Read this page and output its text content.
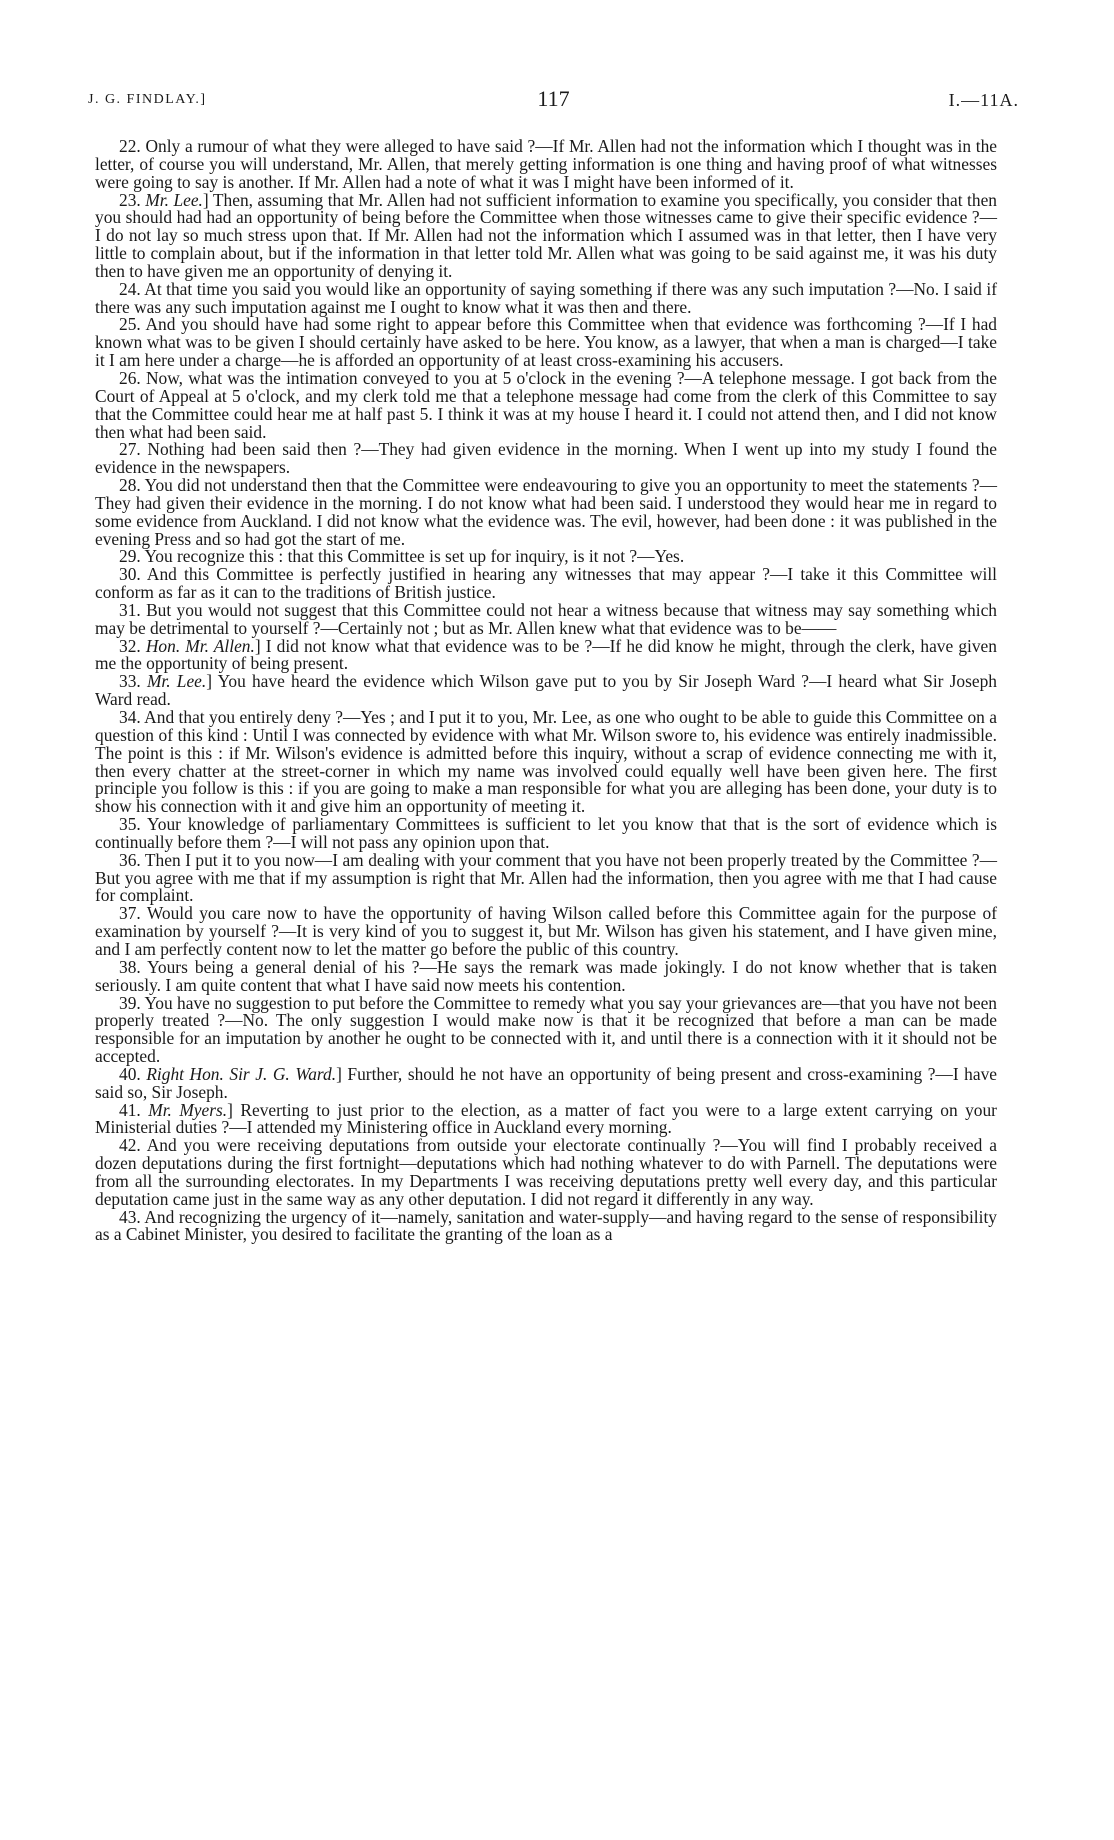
J. G. FINDLAY.]	117	I.—11A.

22. Only a rumour of what they were alleged to have said ?—If Mr. Allen had not the information which I thought was in the letter, of course you will understand, Mr. Allen, that merely getting information is one thing and having proof of what witnesses were going to say is another. If Mr. Allen had a note of what it was I might have been informed of it.

23. Mr. Lee.] Then, assuming that Mr. Allen had not sufficient information to examine you specifically, you consider that then you should had had an opportunity of being before the Committee when those witnesses came to give their specific evidence ?—I do not lay so much stress upon that. If Mr. Allen had not the information which I assumed was in that letter, then I have very little to complain about, but if the information in that letter told Mr. Allen what was going to be said against me, it was his duty then to have given me an opportunity of denying it.

24. At that time you said you would like an opportunity of saying something if there was any such imputation ?—No. I said if there was any such imputation against me I ought to know what it was then and there.

25. And you should have had some right to appear before this Committee when that evidence was forthcoming ?—If I had known what was to be given I should certainly have asked to be here. You know, as a lawyer, that when a man is charged—I take it I am here under a charge—he is afforded an opportunity of at least cross-examining his accusers.

26. Now, what was the intimation conveyed to you at 5 o'clock in the evening ?—A telephone message. I got back from the Court of Appeal at 5 o'clock, and my clerk told me that a telephone message had come from the clerk of this Committee to say that the Committee could hear me at half past 5. I think it was at my house I heard it. I could not attend then, and I did not know then what had been said.

27. Nothing had been said then ?—They had given evidence in the morning. When I went up into my study I found the evidence in the newspapers.

28. You did not understand then that the Committee were endeavouring to give you an opportunity to meet the statements ?—They had given their evidence in the morning. I do not know what had been said. I understood they would hear me in regard to some evidence from Auckland. I did not know what the evidence was. The evil, however, had been done : it was published in the evening Press and so had got the start of me.

29. You recognize this : that this Committee is set up for inquiry, is it not ?—Yes.

30. And this Committee is perfectly justified in hearing any witnesses that may appear ?—I take it this Committee will conform as far as it can to the traditions of British justice.

31. But you would not suggest that this Committee could not hear a witness because that witness may say something which may be detrimental to yourself ?—Certainly not ; but as Mr. Allen knew what that evidence was to be——

32. Hon. Mr. Allen.] I did not know what that evidence was to be ?—If he did know he might, through the clerk, have given me the opportunity of being present.

33. Mr. Lee.] You have heard the evidence which Wilson gave put to you by Sir Joseph Ward ?—I heard what Sir Joseph Ward read.

34. And that you entirely deny ?—Yes ; and I put it to you, Mr. Lee, as one who ought to be able to guide this Committee on a question of this kind : Until I was connected by evidence with what Mr. Wilson swore to, his evidence was entirely inadmissible. The point is this : if Mr. Wilson's evidence is admitted before this inquiry, without a scrap of evidence connecting me with it, then every chatter at the street-corner in which my name was involved could equally well have been given here. The first principle you follow is this : if you are going to make a man responsible for what you are alleging has been done, your duty is to show his connection with it and give him an opportunity of meeting it.

35. Your knowledge of parliamentary Committees is sufficient to let you know that that is the sort of evidence which is continually before them ?—I will not pass any opinion upon that.

36. Then I put it to you now—I am dealing with your comment that you have not been properly treated by the Committee ?—But you agree with me that if my assumption is right that Mr. Allen had the information, then you agree with me that I had cause for complaint.

37. Would you care now to have the opportunity of having Wilson called before this Committee again for the purpose of examination by yourself ?—It is very kind of you to suggest it, but Mr. Wilson has given his statement, and I have given mine, and I am perfectly content now to let the matter go before the public of this country.

38. Yours being a general denial of his ?—He says the remark was made jokingly. I do not know whether that is taken seriously. I am quite content that what I have said now meets his contention.

39. You have no suggestion to put before the Committee to remedy what you say your grievances are—that you have not been properly treated ?—No. The only suggestion I would make now is that it be recognized that before a man can be made responsible for an imputation by another he ought to be connected with it, and until there is a connection with it it should not be accepted.

40. Right Hon. Sir J. G. Ward.] Further, should he not have an opportunity of being present and cross-examining ?—I have said so, Sir Joseph.

41. Mr. Myers.] Reverting to just prior to the election, as a matter of fact you were to a large extent carrying on your Ministerial duties ?—I attended my Ministering office in Auckland every morning.

42. And you were receiving deputations from outside your electorate continually ?—You will find I probably received a dozen deputations during the first fortnight—deputations which had nothing whatever to do with Parnell. The deputations were from all the surrounding electorates. In my Departments I was receiving deputations pretty well every day, and this particular deputation came just in the same way as any other deputation. I did not regard it differently in any way.

43. And recognizing the urgency of it—namely, sanitation and water-supply—and having regard to the sense of responsibility as a Cabinet Minister, you desired to facilitate the granting of the loan as a
